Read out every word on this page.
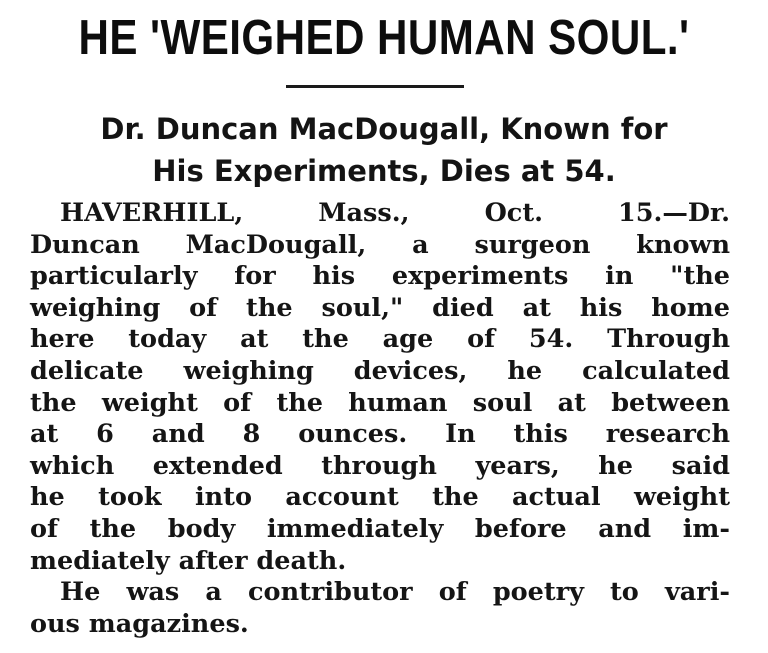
HE 'WEIGHED HUMAN SOUL.'
Dr. Duncan MacDougall, Known for
His Experiments, Dies at 54.
HAVERHILL, Mass., Oct. 15.—Dr.
Duncan MacDougall, a surgeon known
particularly for his experiments in "the
weighing of the soul," died at his home
here today at the age of 54. Through
delicate weighing devices, he calculated
the weight of the human soul at between
at 6 and 8 ounces. In this research
which extended through years, he said
he took into account the actual weight
of the body immediately before and im-
mediately after death.
He was a contributor of poetry to vari-
ous magazines.
